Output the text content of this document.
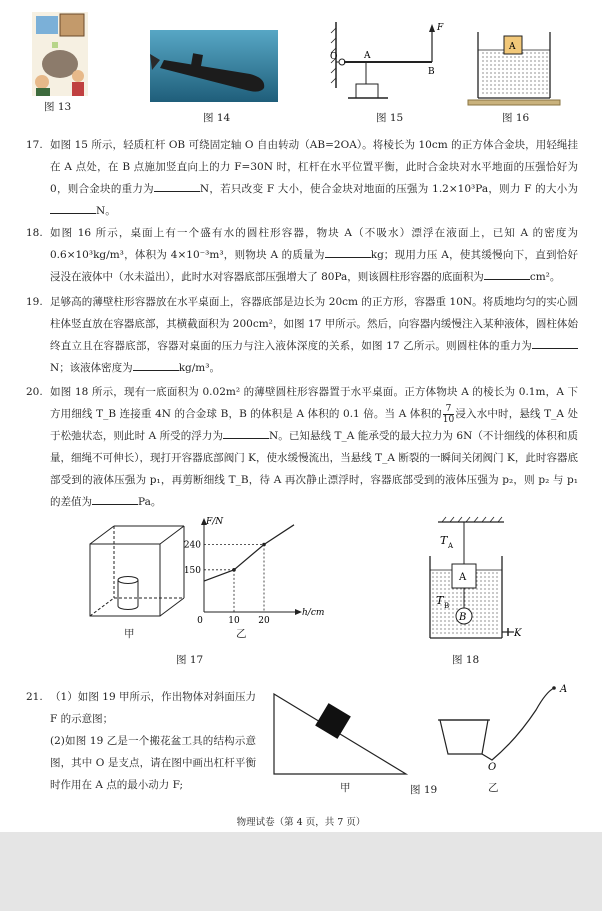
图 13
图 14
O	A
B
F
图 15
A
图 16
17. 如图 15 所示，轻质杠杆 OB 可绕固定轴 O 自由转动（AB=2OA）。将棱长为 10cm 的正方体合金块，用轻绳挂在 A 点处，在 B 点施加竖直向上的力 F=30N 时，杠杆在水平位置平衡，此时合金块对水平地面的压强恰好为 0，则合金块的重力为	N，若只改变 F 大小，使合金块对地面的压强为 1.2×10³Pa，则力 F 的大小为N。
18. 如图 16 所示，桌面上有一个盛有水的圆柱形容器，物块 A（不吸水）漂浮在液面上，已知 A 的密度为 0.6×10³kg/m³，体积为 4×10⁻³m³，则物块 A 的质量为	kg；现用力压 A，使其缓慢向下，直到恰好浸没在液体中（水未溢出），此时水对容器底部压强增大了 80Pa，则该圆柱形容器的底面积为	cm²。
19. 足够高的薄壁柱形容器放在水平桌面上，容器底部是边长为 20cm 的正方形，容器重 10N。将质地均匀的实心圆柱体竖直放在容器底部，其横截面积为 200cm²，如图 17 甲所示。然后，向容器内缓慢注入某种液体，圆柱体始终直立且在容器底部，容器对桌面的压力与注入液体深度的关系，如图 17 乙所示。则圆柱体的重力为N；该液体密度为	kg/m³。
20. 如图 18 所示，现有一底面积为 0.02m² 的薄壁圆柱形容器置于水平桌面。正方体物块 A 的棱长为 0.1m，A 下方用细线 T_B 连接重 4N 的合金球 B，B 的体积是 A 体积的 0.1 倍。当 A 体积的 $\frac{7}{10}$ 浸入水中时，悬线 T_A 处于松弛状态，则此时 A 所受的浮力为	N。已知悬线 T_A 能承受的最大拉力为 6N（不计细线的体积和质量，细绳不可伸长），现打开容器底部阀门 K，使水缓慢流出，当悬线 T_A 断裂的一瞬间关闭阀门 K，此时容器底部受到的液体压强为 p₁，再剪断细线 T_B，待 A 再次静止漂浮时，容器底部受到的液体压强为 p₂，则 p₂ 与 p₁ 的差值为	Pa。
甲
F/N
h/cm
150
240
0	10 20
乙
图 17
T A
T B
A
B
K
图 18
21. （1）如图 19 甲所示，作出物体对斜面压力 F 的示意图；
(2)如图 19 乙是一个搬花盆工具的结构示意图，其中 O 是支点，请在图中画出杠杆平衡时作用在 A 点的最小动力 F;	甲	图 19
A
O
乙
物理试卷（第 4 页，共 7 页）
